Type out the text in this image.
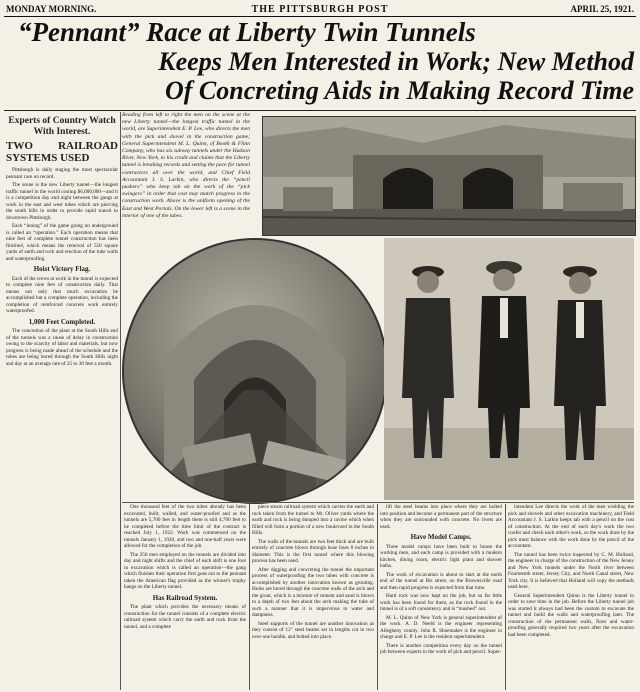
MONDAY MORNING.	THE PITTSBURGH POST	APRIL 25, 1921.
“Pennant” Race at Liberty Twin Tunnels
Keeps Men Interested in Work; New Method
Of Concreting Aids in Making Record Time
Experts of Country Watch With Interest.
TWO RAILROAD SYSTEMS USED

Pittsburgh is daily staging the most spectacular pennant race on record.

The scene is the new Liberty tunnel—the longest traffic tunnel in the world costing $6,000,000—and it is a competition day and night between the gangs at work in the east and west tubes which are piercing the south hills in order to provide rapid transit to downtown Pittsburgh.

Each “inning” of the game going on underground is called an “operation.” Each operation means that nine feet of complete tunnel construction has been finished, which means the removal of 550 square yards of earth and rock and erection of the tube walls and waterproofing.

Hoist Victory Flag.

Each of the crews at work in the tunnel is expected to complete nine feet of construction daily. That means not only that much excavation be accomplished but a complete operation, including the completion of reinforced concrete work entirely waterproofed.

1,000 Feet Completed.

The concretion of the plant at the South Hills end of the tunnels was a cause of delay in construction owing to the scarcity of labor and materials, but now progress is being made ahead of the schedule and the tubes are being bored through the South Hills night and day at an average rate of 25 to 30 feet a month.

Reading from left to right the men on the scene at the new Liberty tunnel—the longest traffic tunnel in the world, are Superintendent E. P. Lee, who directs the men with the pick and shovel in the construction game; General Superintendent M. L. Quinn, of Booth & Flinn Company, who has six subway tunnels under the Hudson River, New York, to his credit and claims that the Liberty tunnel is breaking records and setting the pace for tunnel contractors all over the world, and Chief Field Accountant J. S. Larkin, who directs the “pencil pushers” who keep tab on the work of the “pick swingers” in order that cost may match progress in the construction work. Above is the uniform opening of the East and West Portals. On the lower left is a scene in the interior of one of the tubes.

One thousand feet of the two tubes already has been excavated, built, walled, and water-proofed and as the tunnels are 5,700 feet in length there is still 4,700 feet to be completed before the time limit of the contract is reached July 1, 1922. Work was commenced on the tunnels January 1, 1920, and two and one-half years were allowed for the completion of the job.

The 250 men employed on the tunnels are divided into day and night shifts and the chief of each shift is one foot in excavation which is called an operation—the gang which finishes their operation first goes out to the pennant taken the American flag provided as the winner's trophy hangs on the Liberty tunnel.

Has Railroad System.

The plant which provides the necessary means of construction for the tunnel consists of a complete electric railroad system which carry the earth and rock from the tunnel, and a complete

piece steam railroad system which carries the earth and rock taken from the tunnel to Mt. Oliver yards where the earth and rock is being dumped into a ravine which when filled will form a portion of a new boulevard in the South Hills.

The walls of the tunnels are two feet thick and are built entirely of concrete blown through hose lines 8 inches in diameter. This is the first tunnel where this blowing process has been used.

After digging and concreting the tunnel the important process of waterproofing the two tubes with concrete is accomplished by another innovation known as grouting. Holes are bored through the concrete walls of the arch and the grout, which is a mixture of cement and sand is blown to a depth of two feet about the arch making the tube of such a manner that it is impervious to water and dampness.

Steel supports of the tunnel are another innovation as they consist of 12" steel beams set in lengths cut in two over one handle, and bolted into place.

lift the steel beams into place where they are bolted into position and become a permanent part of the structure when they are surrounded with concrete. No rivets are used.

Have Model Camps.

Three model camps have been built to house the working men, and each camp is provided with a modern kitchen, dining room, electric light plant and shower baths.

The work of excavation is about to start at the north end of the tunnel at Bis street, on the Brownsville road and then rapid progress is expected from that time.

Hard rock was now kept on the job, but so far little work has been found for them, as the rock found in the tunnel is of a soft consistency and is “mushed” out.

M. L. Quinn of New York is general superintendent of the work. A. D. Neeld is the engineer representing Allegheny county. John R. Shoemaker is the engineer in charge and E. P. Lee is the resident superintendent.

There is another competition every day on the tunnel job between experts in the work of pick and pencil. Super-

intendent Lee directs the work of the men wielding the pick and shovels and other excavation machinery, and Field Accountant J. S. Larkin keeps tab with a pencil on the cost of construction. At the end of each day's work the two confer and check each other's work, so the work done by the pick must balance with the work done by the pencil of the accountant.

The tunnel has been twice inspected by C. M. Holland, the engineer in charge of the construction of the New Jersey and New York tunnels under the North river between Fourteenth street, Jersey City, and North Canal street, New York city. It is believed that Holland will copy the methods used here.

General Superintendent Quinn is the Liberty tunnel in order to save time in the job. Before the Liberty tunnel job was started it always had been the custom to excavate the tunnel and build the walls and waterproofing later. The construction of the permanent walls, floor and water-proofing generally required two years after the excavation had been completed.
